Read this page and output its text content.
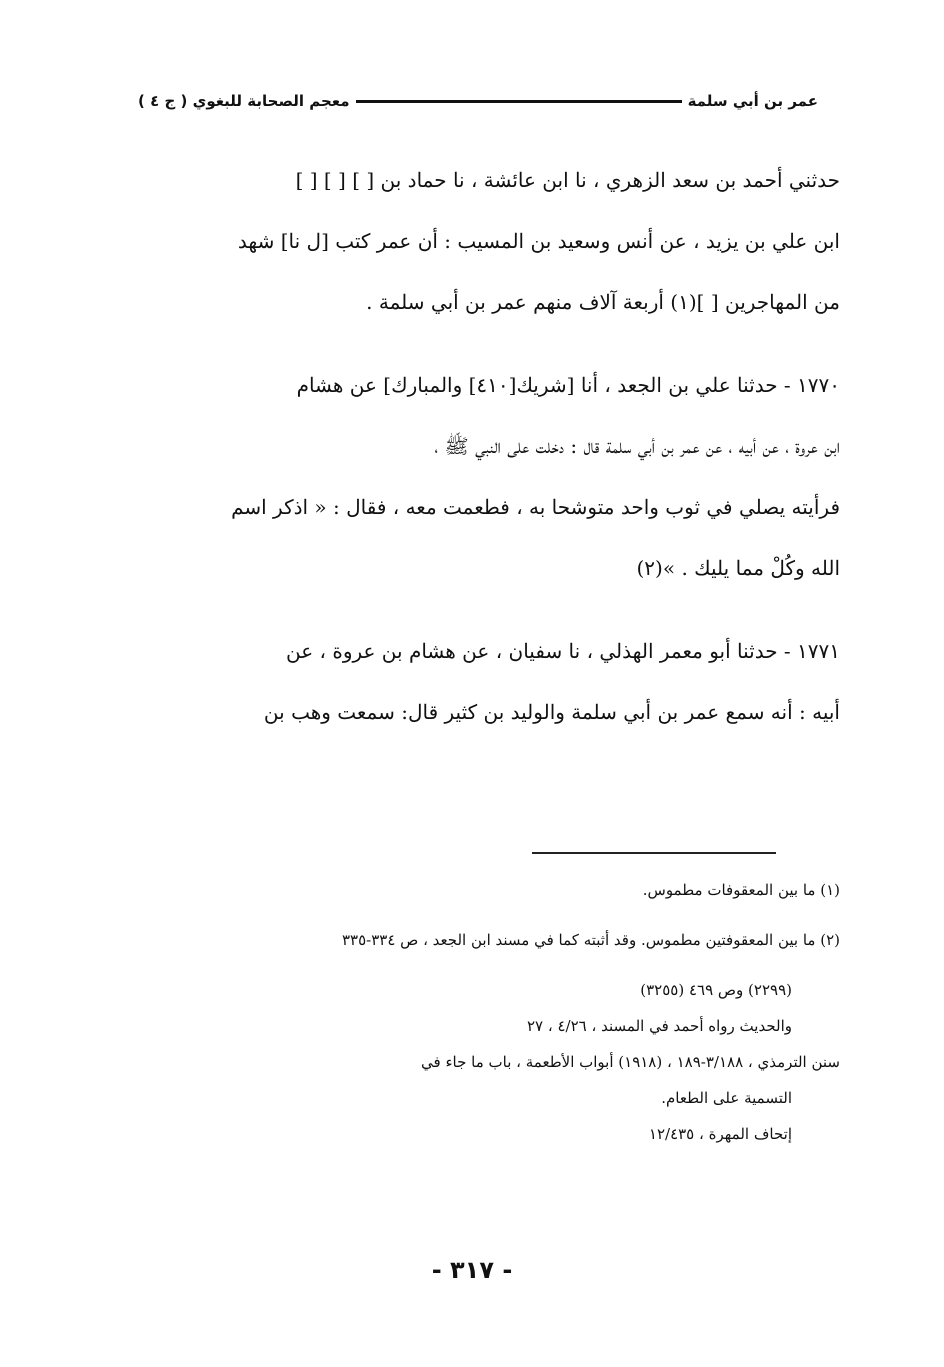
عمر بن أبي سلمة
معجم الصحابة للبغوي ( ج ٤ )
حدثني أحمد بن سعد الزهري ، نا ابن عائشة ، نا حماد بن [ ] [ ] [ ]
ابن علي بن يزيد ، عن أنس وسعيد بن المسيب : أن عمر كتب [ل نا] شهد
من المهاجرين [ ](١) أربعة آلاف منهم عمر بن أبي سلمة .
١٧٧٠ - حدثنا علي بن الجعد ، أنا [شريك[٤١٠] والمبارك] عن هشام
ابن عروة ، عن أبيه ، عن عمر بن أبي سلمة قال : دخلت على النبي ﷺ ،
فرأيته يصلي في ثوب واحد متوشحا به ، فطعمت معه ، فقال : « اذكر اسم
الله وكُلْ مما يليك . »(٢)
١٧٧١ - حدثنا أبو معمر الهذلي ، نا سفيان ، عن هشام بن عروة ، عن
أبيه : أنه سمع عمر بن أبي سلمة والوليد بن كثير قال: سمعت وهب بن
(١) ما بين المعقوفات مطموس.
(٢) ما بين المعقوفتين مطموس. وقد أثبته كما في مسند ابن الجعد ، ص ٣٣٤-٣٣٥
(٢٢٩٩) وص ٤٦٩ (٣٢٥٥)
والحديث رواه أحمد في المسند ، ٤/٢٦ ، ٢٧
سنن الترمذي ، ٣/١٨٨-١٨٩ ، (١٩١٨) أبواب الأطعمة ، باب ما جاء في
التسمية على الطعام.
إتحاف المهرة ، ١٢/٤٣٥
- ٣١٧ -
